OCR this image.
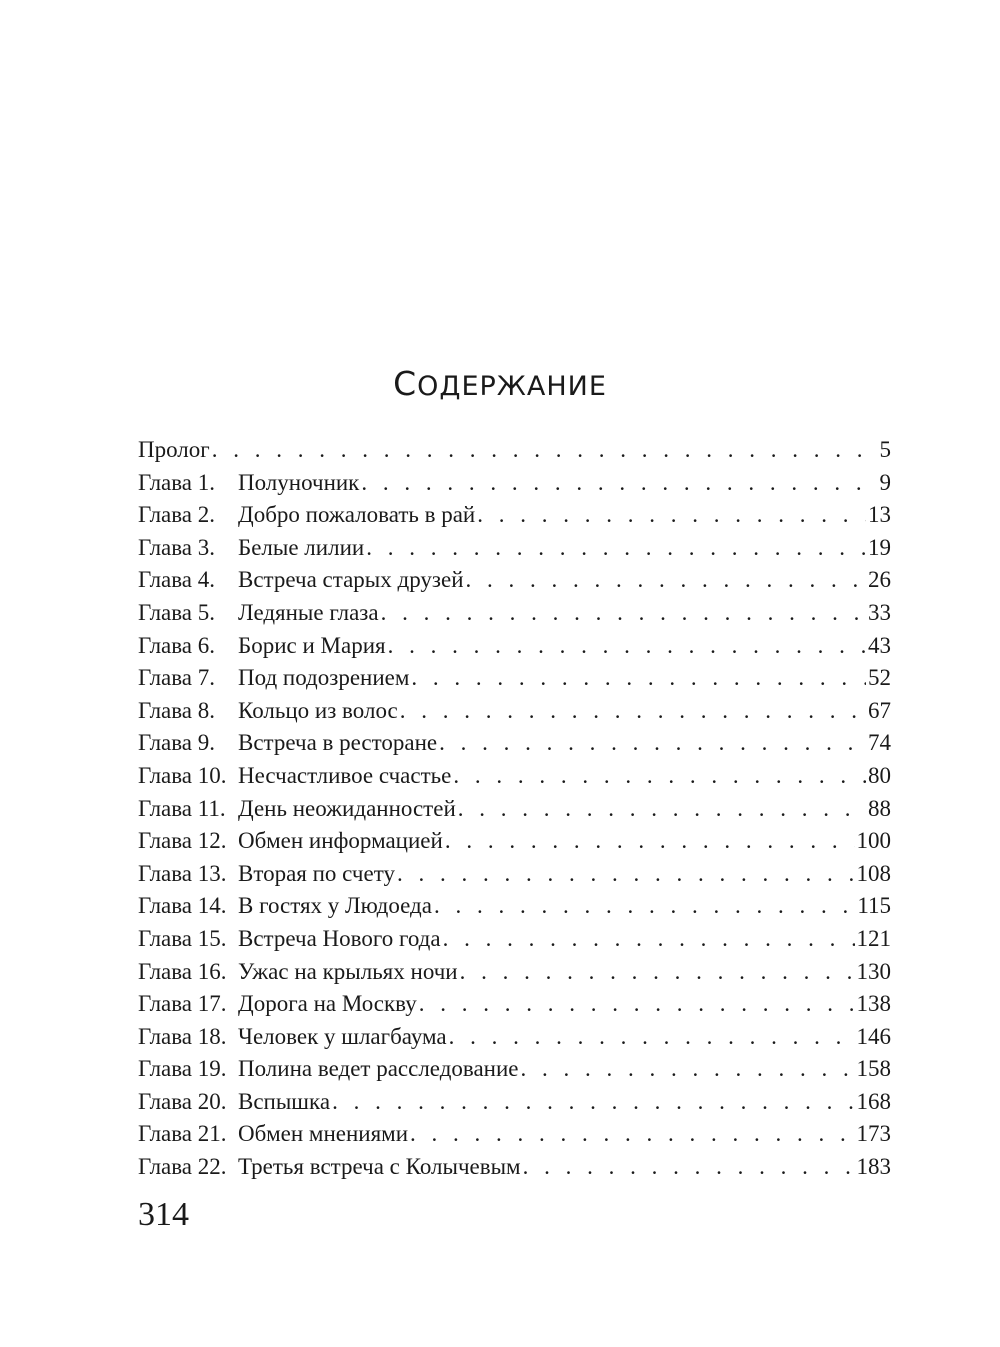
СОДЕРЖАНИЕ
Пролог . . .	5
Глава 1. Полуночник . . .	9
Глава 2. Добро пожаловать в рай . . .	13
Глава 3. Белые лилии . . .	19
Глава 4. Встреча старых друзей . . .	26
Глава 5. Ледяные глаза . . .	33
Глава 6. Борис и Мария . . .	43
Глава 7. Под подозрением . . .	52
Глава 8. Кольцо из волос . . .	67
Глава 9. Встреча в ресторане . . .	74
Глава 10. Несчастливое счастье . . .	80
Глава 11. День неожиданностей . . .	88
Глава 12. Обмен информацией . . .	100
Глава 13. Вторая по счету . . .	108
Глава 14. В гостях у Людоеда . . .	115
Глава 15. Встреча Нового года . . .	121
Глава 16. Ужас на крыльях ночи . . .	130
Глава 17. Дорога на Москву . . .	138
Глава 18. Человек у шлагбаума . . .	146
Глава 19. Полина ведет расследование . . .	158
Глава 20. Вспышка . . .	168
Глава 21. Обмен мнениями . . .	173
Глава 22. Третья встреча с Колычевым . . .	183

314
